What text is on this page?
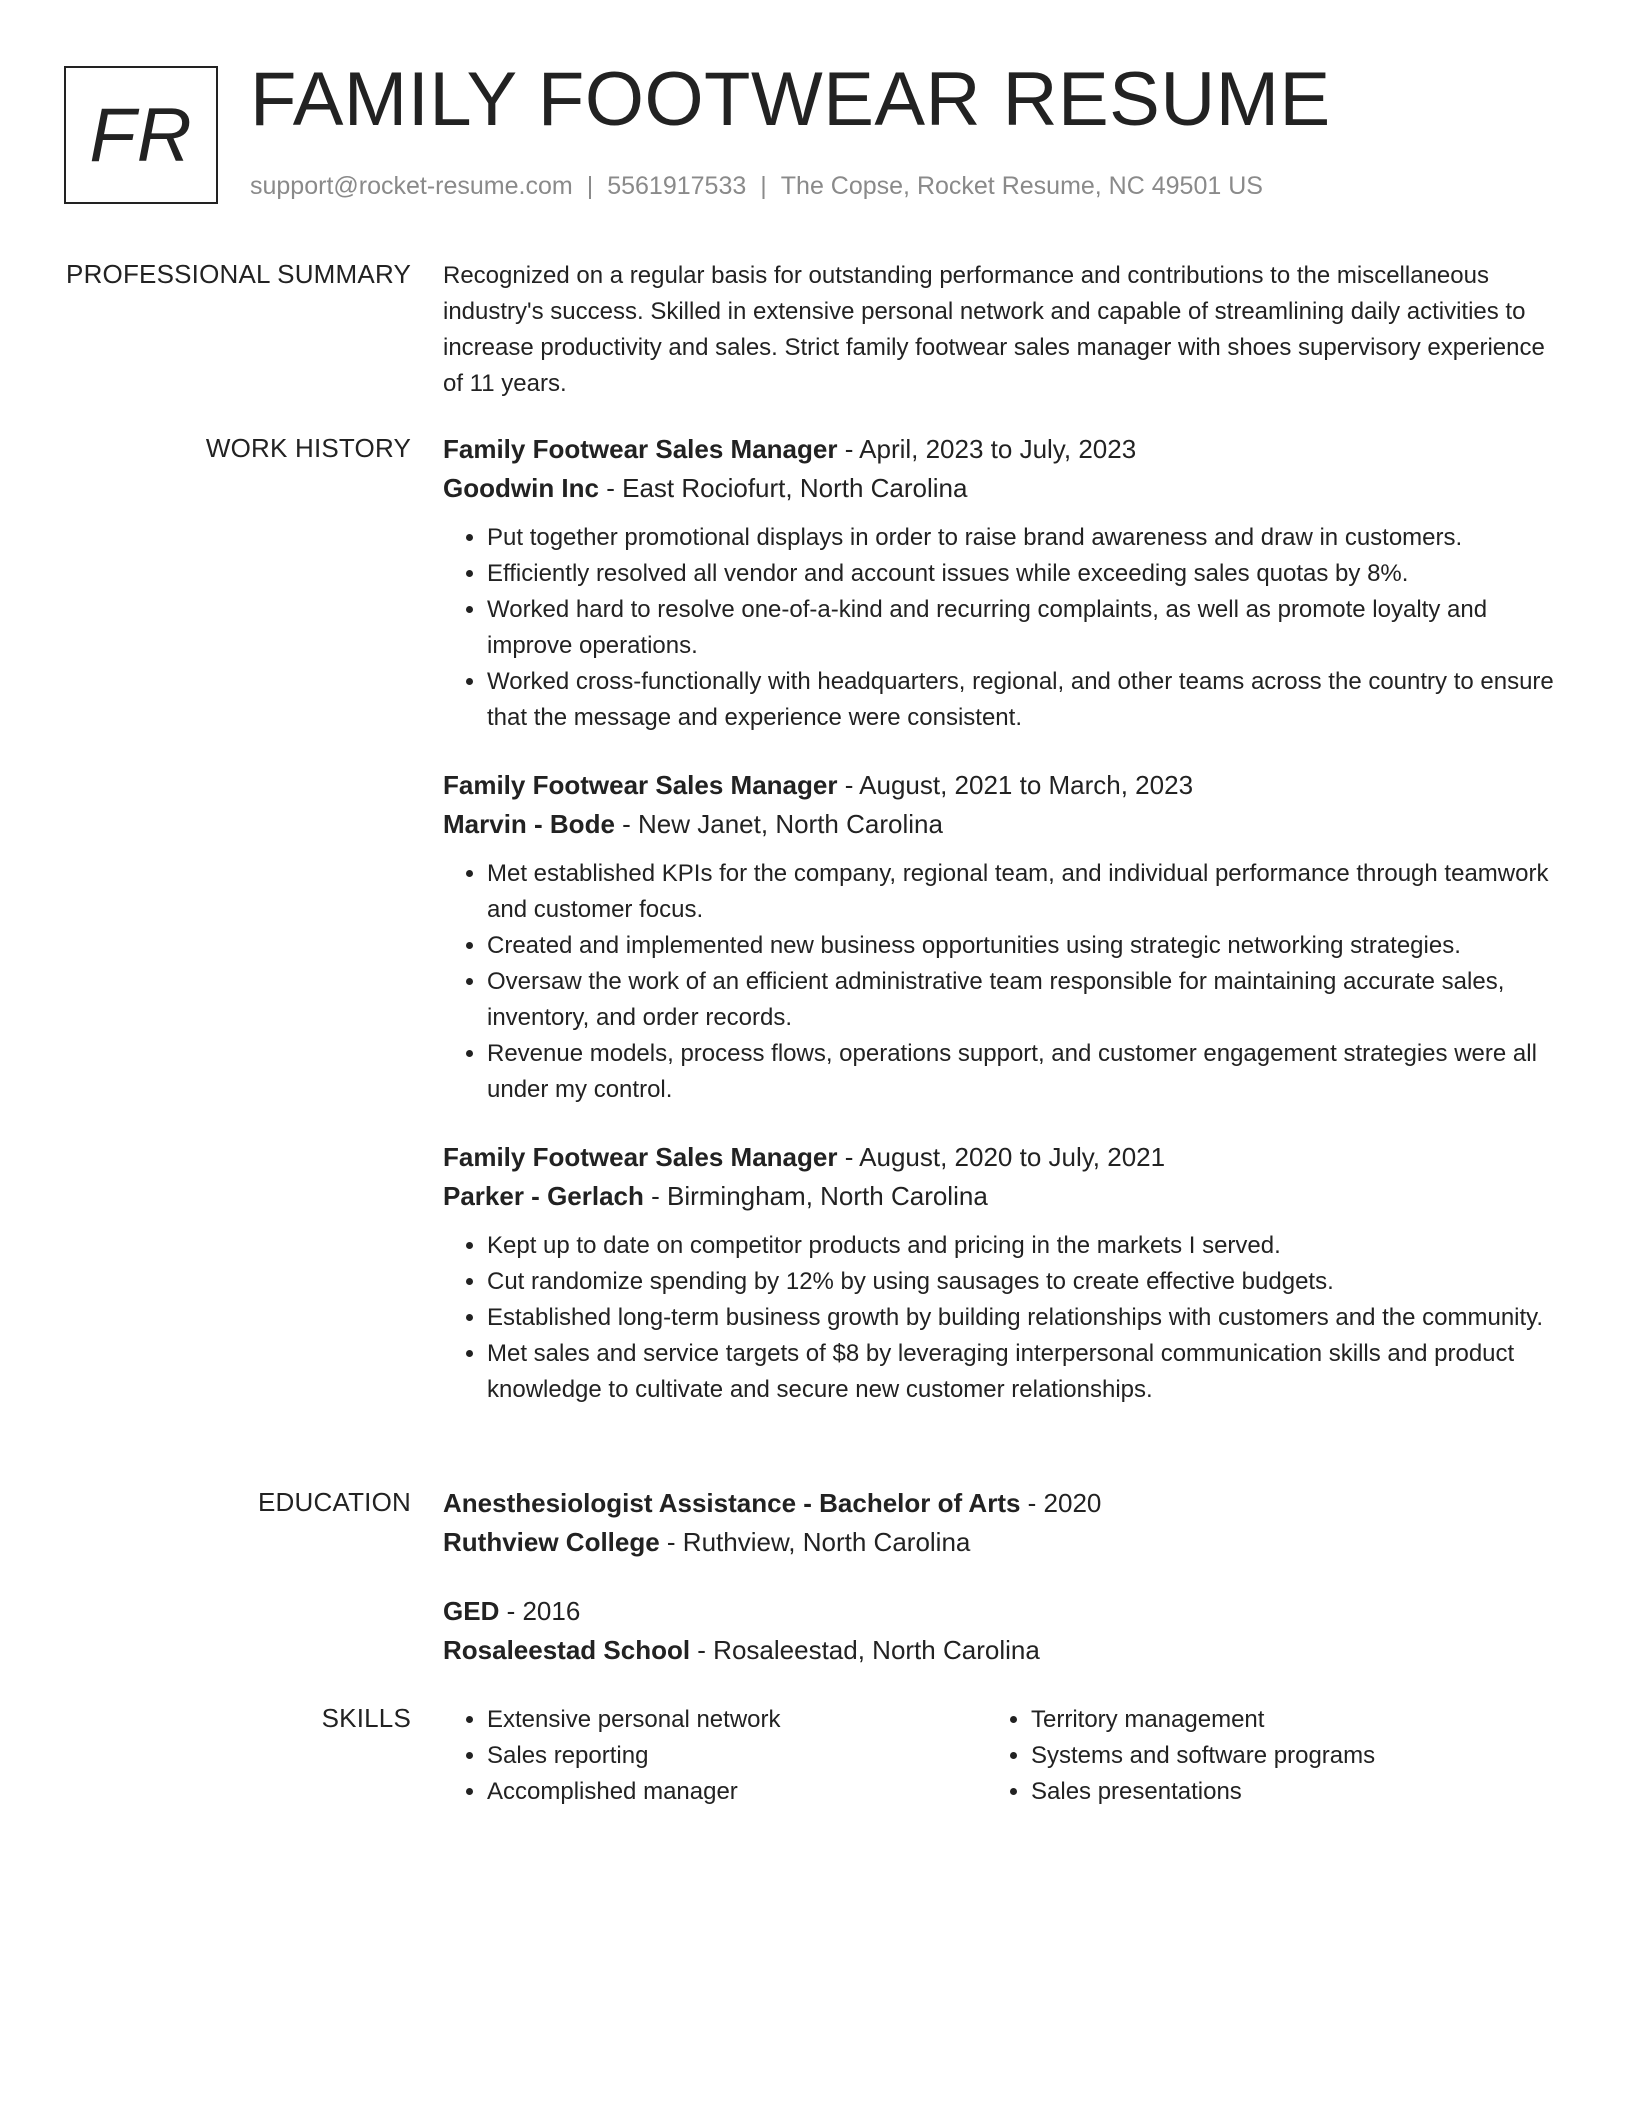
FR FAMILY FOOTWEAR RESUME
support@rocket-resume.com | 5561917533 | The Copse, Rocket Resume, NC 49501 US
PROFESSIONAL SUMMARY Recognized on a regular basis for outstanding performance and contributions to the miscellaneous industry's success. Skilled in extensive personal network and capable of streamlining daily activities to increase productivity and sales. Strict family footwear sales manager with shoes supervisory experience of 11 years.

WORK HISTORY Family Footwear Sales Manager - April, 2023 to July, 2023
Goodwin Inc - East Rociofurt, North Carolina
• Put together promotional displays in order to raise brand awareness and draw in customers.
• Efficiently resolved all vendor and account issues while exceeding sales quotas by 8%.
• Worked hard to resolve one-of-a-kind and recurring complaints, as well as promote loyalty and improve operations.
• Worked cross-functionally with headquarters, regional, and other teams across the country to ensure that the message and experience were consistent.
Family Footwear Sales Manager - August, 2021 to March, 2023
Marvin - Bode - New Janet, North Carolina
• Met established KPIs for the company, regional team, and individual performance through teamwork and customer focus.
• Created and implemented new business opportunities using strategic networking strategies.
• Oversaw the work of an efficient administrative team responsible for maintaining accurate sales, inventory, and order records.
• Revenue models, process flows, operations support, and customer engagement strategies were all under my control.
Family Footwear Sales Manager - August, 2020 to July, 2021
Parker - Gerlach - Birmingham, North Carolina
• Kept up to date on competitor products and pricing in the markets I served.
• Cut randomize spending by 12% by using sausages to create effective budgets.
• Established long-term business growth by building relationships with customers and the community.
• Met sales and service targets of $8 by leveraging interpersonal communication skills and product knowledge to cultivate and secure new customer relationships.
EDUCATION Anesthesiologist Assistance - Bachelor of Arts - 2020
Ruthview College - Ruthview, North Carolina
GED - 2016
Rosaleestad School - Rosaleestad, North Carolina
SKILLS
•	Extensive personal network
• Sales reporting
• Accomplished manager
• Territory management
• Systems and software programs
• Sales presentations
